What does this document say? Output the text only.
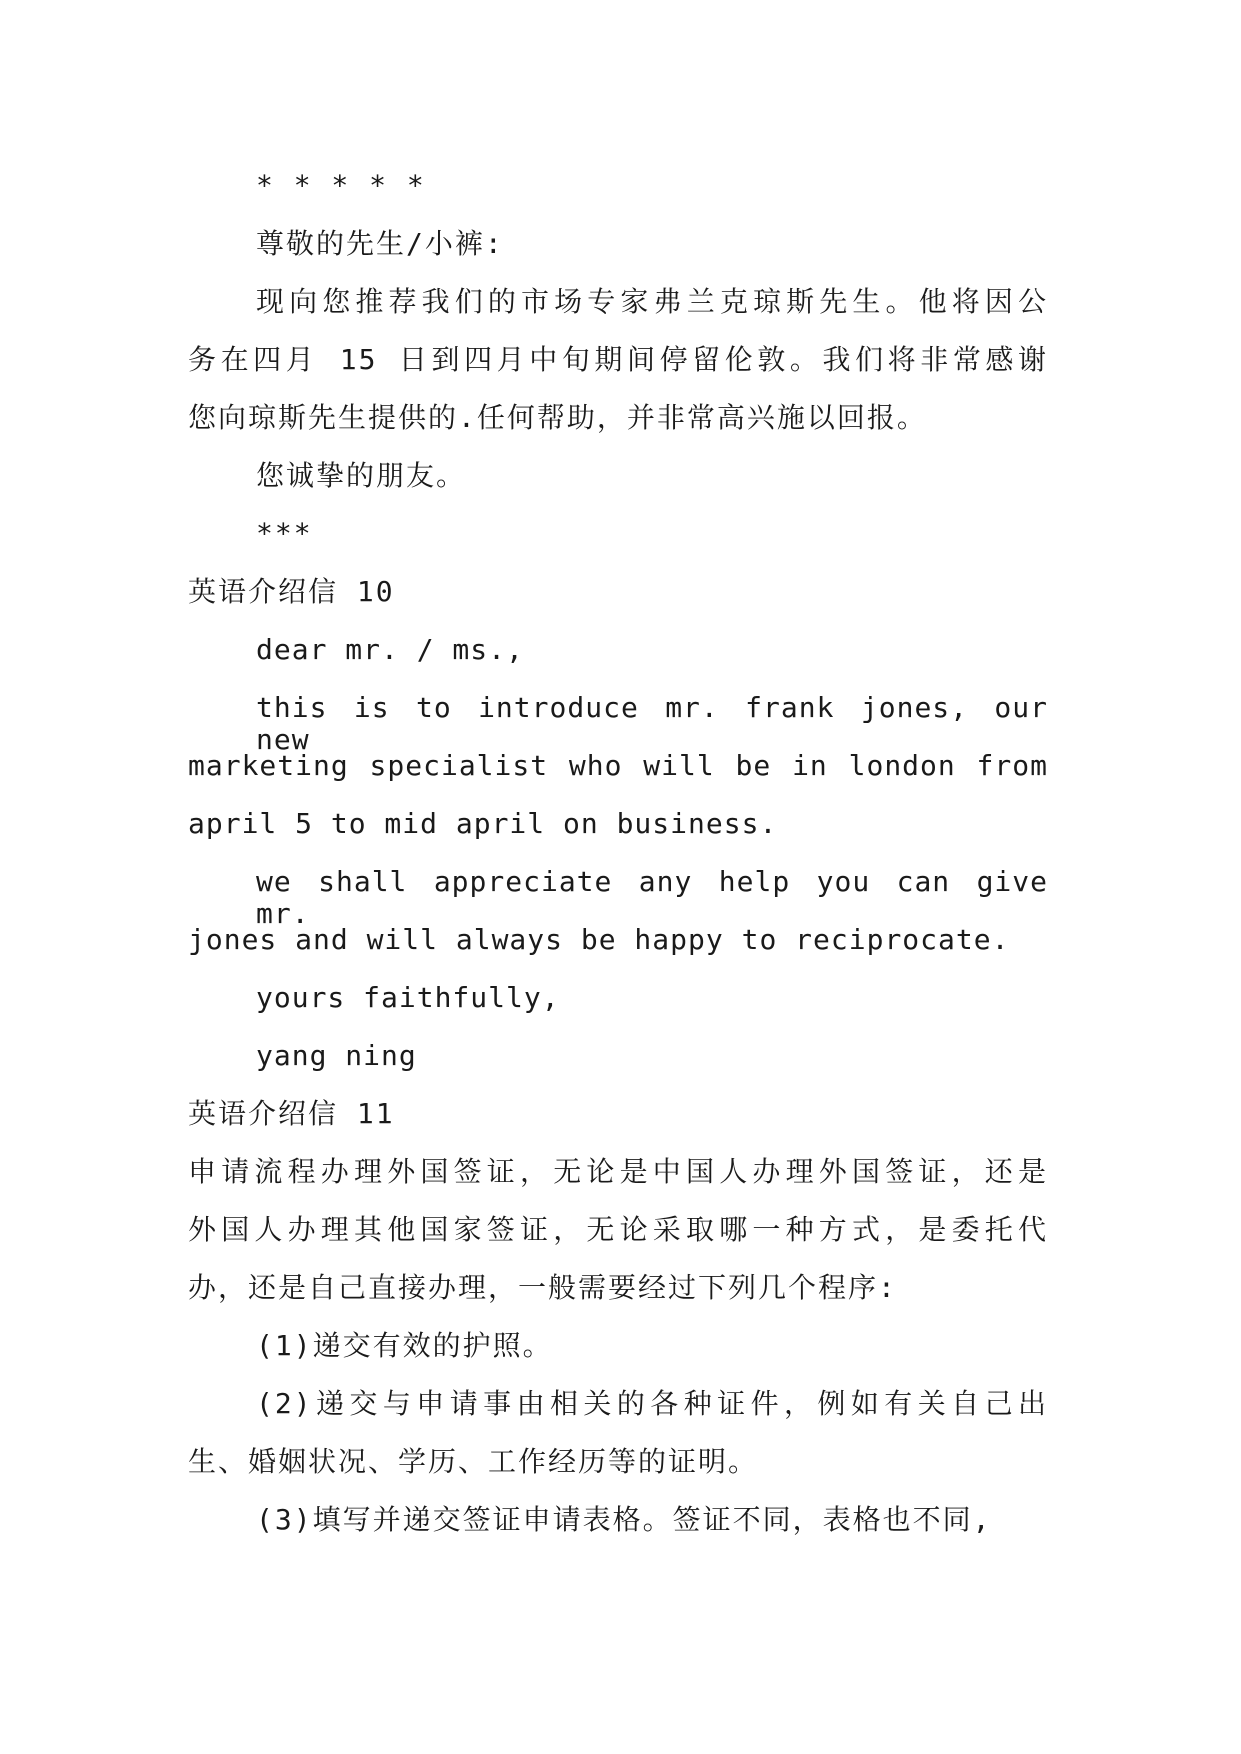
* * * * *
尊敬的先生/小裤:
现向您推荐我们的市场专家弗兰克琼斯先生。他将因公
务在四月 15 日到四月中旬期间停留伦敦。我们将非常感谢
您向琼斯先生提供的.任何帮助，并非常高兴施以回报。
您诚挚的朋友。
***
英语介绍信 10
dear mr. / ms.,
this is to introduce mr. frank jones, our new
marketing specialist who will be in london from
april 5 to mid april on business.
we shall appreciate any help you can give mr.
jones and will always be happy to reciprocate.
yours faithfully,
yang ning
英语介绍信 11
申请流程办理外国签证，无论是中国人办理外国签证，还是
外国人办理其他国家签证，无论采取哪一种方式，是委托代
办，还是自己直接办理，一般需要经过下列几个程序:
(1)递交有效的护照。
(2)递交与申请事由相关的各种证件，例如有关自己出
生、婚姻状况、学历、工作经历等的证明。
(3)填写并递交签证申请表格。签证不同，表格也不同,
